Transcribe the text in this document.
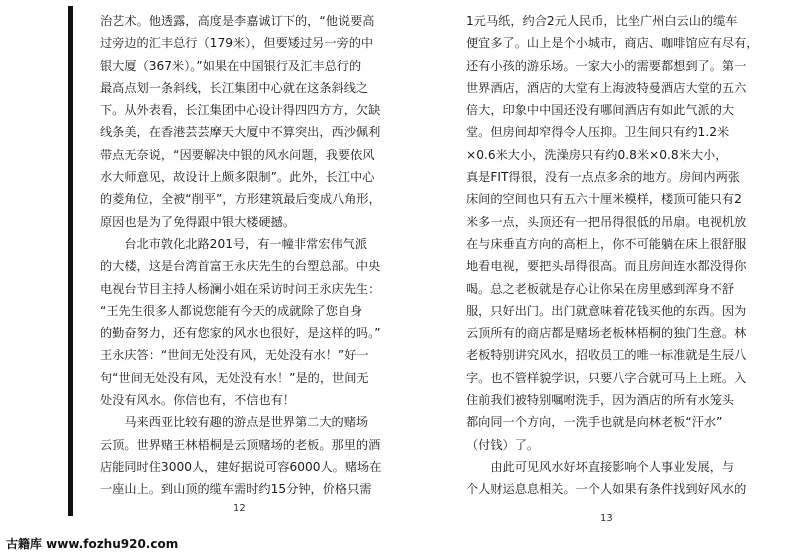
治艺术。他透露，高度是李嘉诚订下的，“他说要高
过旁边的汇丰总行（179米），但要矮过另一旁的中
银大厦（367米）。”如果在中国银行及汇丰总行的
最高点划一条斜线，长江集团中心就在这条斜线之
下。从外表看，长江集团中心设计得四四方方，欠缺
线条美，在香港芸芸摩天大厦中不算突出，西沙佩利
带点无奈说，“因要解决中银的风水问题，我要依风
水大师意见，故设计上颇多限制”。此外，长江中心
的菱角位，全被“削平”，方形建筑最后变成八角形，
原因也是为了免得跟中银大楼硬撼。
　　台北市敦化北路201号，有一幢非常宏伟气派
的大楼，这是台湾首富王永庆先生的台塑总部。中央
电视台节目主持人杨澜小姐在采访时问王永庆先生：
“王先生很多人都说您能有今天的成就除了您自身
的勤奋努力，还有您家的风水也很好，是这样的吗。”
王永庆答：“世间无处没有风，无处没有水！”好一
句“世间无处没有风，无处没有水！”是的，世间无
处没有风水。你信也有，不信也有！
　　马来西亚比较有趣的游点是世界第二大的赌场
云顶。世界赌王林梧桐是云顶赌场的老板。那里的酒
店能同时住3000人，建好据说可容6000人。赌场在
一座山上。到山顶的缆车需时约15分钟，价格只需
12
1元马纸，约合2元人民币，比坐广州白云山的缆车
便宜多了。山上是个小城市，商店、咖啡馆应有尽有，
还有小孩的游乐场。一家大小的需要都想到了。第一
世界酒店，酒店的大堂有上海波特曼酒店大堂的五六
倍大，印象中中国还没有哪间酒店有如此气派的大
堂。但房间却窄得令人压抑。卫生间只有约1.2米
×0.6米大小，洗澡房只有约0.8米×0.8米大小，
真是FIT得很，没有一点点多余的地方。房间内两张
床间的空间也只有五六十厘米模样，楼顶可能只有2
米多一点，头顶还有一把吊得很低的吊扇。电视机放
在与床垂直方向的高柜上，你不可能躺在床上很舒服
地看电视，要把头昂得很高。而且房间连水都没得你
喝。总之老板就是存心让你呆在房里感到浑身不舒
服，只好出门。出门就意味着花钱买他的东西。因为
云顶所有的商店都是赌场老板林梧桐的独门生意。林
老板特别讲究风水，招收员工的唯一标准就是生辰八
字。也不管样貌学识，只要八字合就可马上上班。入
住前我们被特别嘱咐洗手，因为酒店的所有水笼头
都向同一个方向，一洗手也就是向林老板“汗水”
（付钱）了。
　　由此可见风水好坏直接影响个人事业发展，与
个人财运息息相关。一个人如果有条件找到好风水的
13
古籍库 www.fozhu920.com
